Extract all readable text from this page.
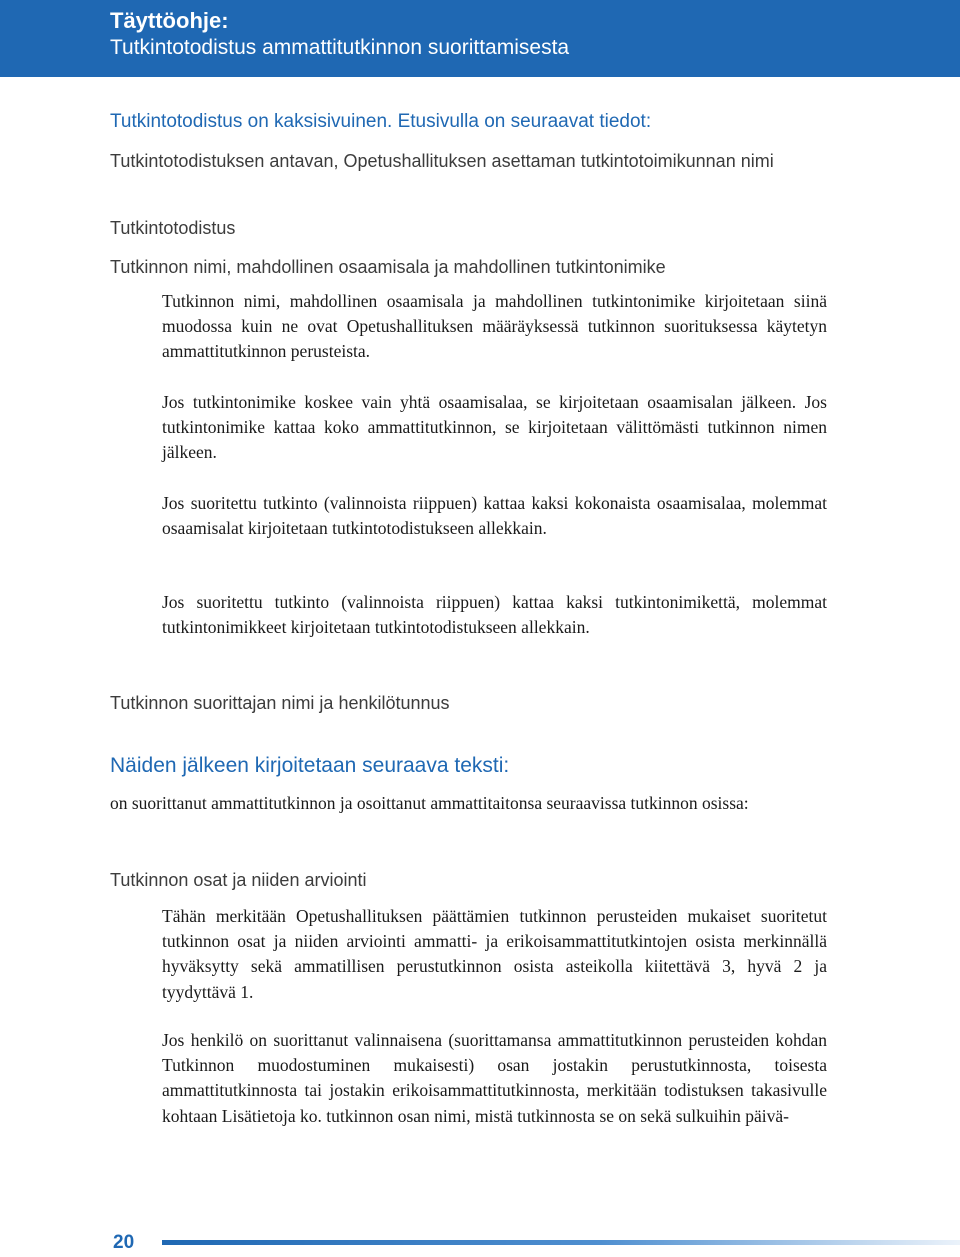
Täyttöohje:
Tutkintotodistus ammattitutkinnon suorittamisesta

Tutkintotodistus on kaksisivuinen. Etusivulla on seuraavat tiedot:

Tutkintotodistuksen antavan, Opetushallituksen asettaman tutkintotoimikunnan nimi

Tutkintotodistus

Tutkinnon nimi, mahdollinen osaamisala ja mahdollinen tutkintonimike

Tutkinnon nimi, mahdollinen osaamisala ja mahdollinen tutkintonimike kirjoitetaan siinä muodossa kuin ne ovat Opetushallituksen määräyksessä tutkinnon suorituksessa käytetyn ammattitutkinnon perusteista.

Jos tutkintonimike koskee vain yhtä osaamisalaa, se kirjoitetaan osaamisalan jälkeen. Jos tutkintonimike kattaa koko ammattitutkinnon, se kirjoitetaan välittömästi tutkinnon nimen jälkeen.

Jos suoritettu tutkinto (valinnoista riippuen) kattaa kaksi kokonaista osaamisalaa, molemmat osaamisalat kirjoitetaan tutkintotodistukseen allekkain.

Jos suoritettu tutkinto (valinnoista riippuen) kattaa kaksi tutkintonimikettä, molemmat tutkintonimikkeet kirjoitetaan tutkintotodistukseen allekkain.

Tutkinnon suorittajan nimi ja henkilötunnus

Näiden jälkeen kirjoitetaan seuraava teksti:

on suorittanut ammattitutkinnon ja osoittanut ammattitaitonsa seuraavissa tutkinnon osissa:

Tutkinnon osat ja niiden arviointi

Tähän merkitään Opetushallituksen päättämien tutkinnon perusteiden mukaiset suoritetut tutkinnon osat ja niiden arviointi ammatti- ja erikoisammattitutkintojen osista merkinnällä hyväksytty sekä ammatillisen perustutkinnon osista asteikolla kiitettävä 3, hyvä 2 ja tyydyttävä 1.

Jos henkilö on suorittanut valinnaisena (suorittamansa ammattitutkinnon perusteiden kohdan Tutkinnon muodostuminen mukaisesti) osan jostakin perustutkinnosta, toisesta ammattitutkinnosta tai jostakin erikoisammattitutkinnosta, merkitään todistuksen takasivulle kohtaan Lisätietoja ko. tutkinnon osan nimi, mistä tutkinnosta se on sekä sulkuihin päivä-

20
